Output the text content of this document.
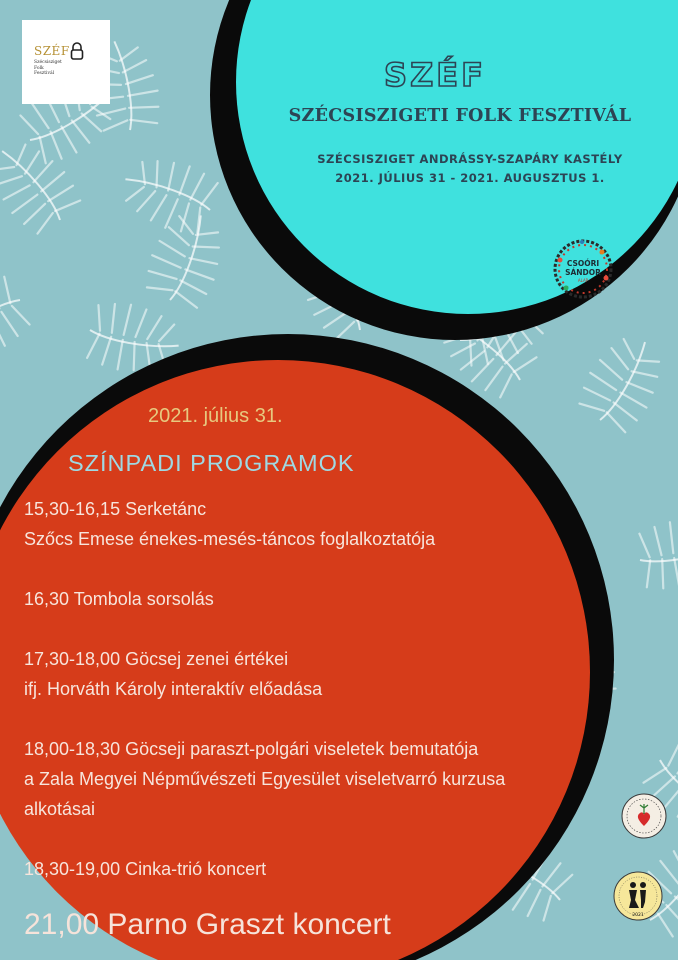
SZÉF
Szécsisziget
Folk
Fesztivál	SZÉF
SZÉCSISZIGETI FOLK FESZTIVÁL
SZÉCSISZIGET ANDRÁSSY-SZAPÁRY KASTÉLY
2021. JÚLIUS 31 - 2021. AUGUSZTUS 1.
CSOÓRI
SÁNDOR
ALAP
2021. július 31.
SZÍNPADI PROGRAMOK
15,30-16,15 Serketánc
Szőcs Emese énekes-mesés-táncos foglalkoztatója
16,30 Tombola sorsolás
17,30-18,00 Göcsej zenei értékei
ifj. Horváth Károly interaktív előadása
18,00-18,30 Göcseji paraszt-polgári viseletek bemutatója
a Zala Megyei Népművészeti Egyesület viseletvarró kurzusa
alkotásai
18,30-19,00 Cinka-trió koncert
21,00 Parno Graszt koncert	2021
